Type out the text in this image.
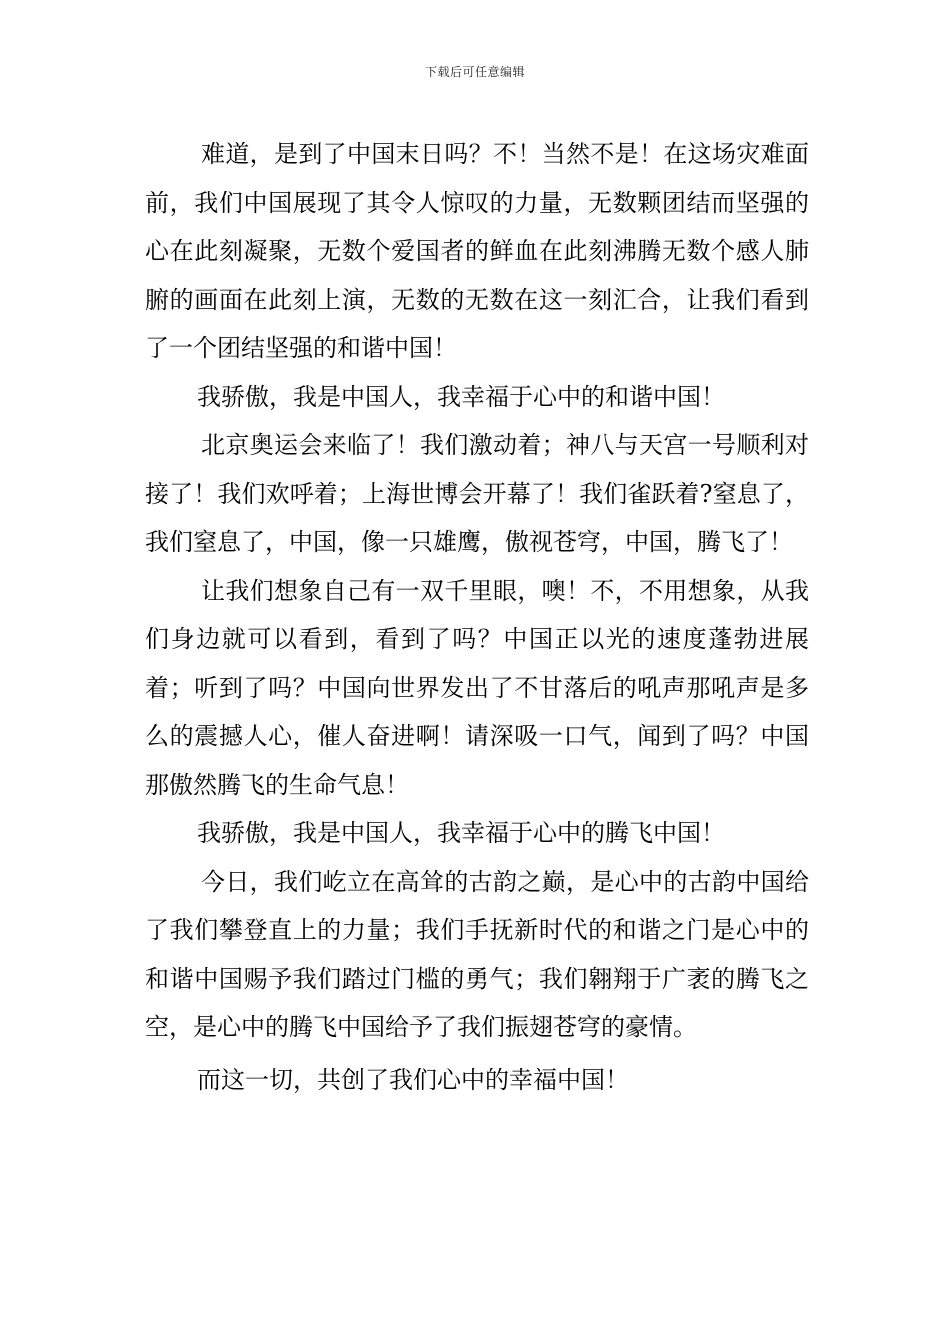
下载后可任意编辑

难道，是到了中国末日吗？不！当然不是！在这场灾难面前，我们中国展现了其令人惊叹的力量，无数颗团结而坚强的心在此刻凝聚，无数个爱国者的鲜血在此刻沸腾无数个感人肺腑的画面在此刻上演，无数的无数在这一刻汇合，让我们看到了一个团结坚强的和谐中国！

我骄傲，我是中国人，我幸福于心中的和谐中国！

北京奥运会来临了！我们激动着；神八与天宫一号顺利对接了！我们欢呼着；上海世博会开幕了！我们雀跃着?窒息了，我们窒息了，中国，像一只雄鹰，傲视苍穹，中国，腾飞了！

让我们想象自己有一双千里眼，噢！不，不用想象，从我们身边就可以看到，看到了吗？中国正以光的速度蓬勃进展着；听到了吗？中国向世界发出了不甘落后的吼声那吼声是多么的震撼人心，催人奋进啊！请深吸一口气，闻到了吗？中国那傲然腾飞的生命气息！

我骄傲，我是中国人，我幸福于心中的腾飞中国！

今日，我们屹立在高耸的古韵之巅，是心中的古韵中国给了我们攀登直上的力量；我们手抚新时代的和谐之门是心中的和谐中国赐予我们踏过门槛的勇气；我们翱翔于广袤的腾飞之空，是心中的腾飞中国给予了我们振翅苍穹的豪情。

而这一切，共创了我们心中的幸福中国！
